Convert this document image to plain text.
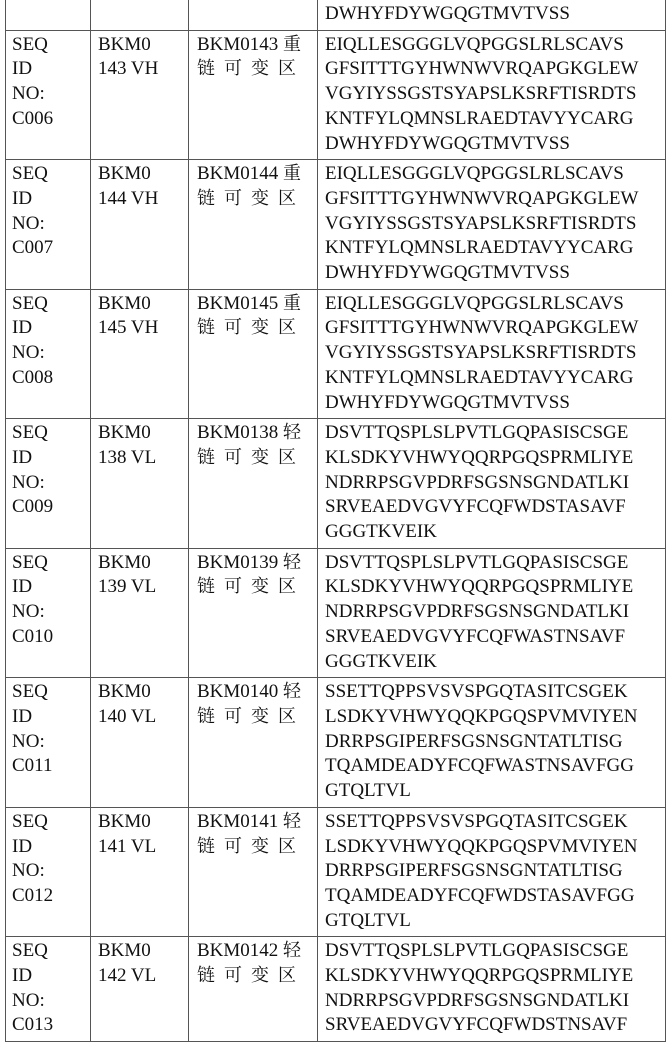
DWHYFDYWGQGTMVTVSS

SEQ ID NO: C006

BKM0143 VH

BKM0143 重链可变区

EIQLLESGGGLVQPGGSLRLSCAVS
GFSITTTGYHWNWVRQAPGKGLEW
VGYIYSSGSTSYAPSLKSRFTISRDTS
KNTFYLQMNSLRAEDTAVYYCARG
DWHYFDYWGQGTMVTVSS

SEQ ID NO: C007

BKM0144 VH

BKM0144 重链可变区

EIQLLESGGGLVQPGGSLRLSCAVS
GFSITTTGYHWNWVRQAPGKGLEW
VGYIYSSGSTSYAPSLKSRFTISRDTS
KNTFYLQMNSLRAEDTAVYYCARG
DWHYFDYWGQGTMVTVSS

SEQ ID NO: C008

BKM0145 VH

BKM0145 重链可变区

EIQLLESGGGLVQPGGSLRLSCAVS
GFSITTTGYHWNWVRQAPGKGLEW
VGYIYSSGSTSYAPSLKSRFTISRDTS
KNTFYLQMNSLRAEDTAVYYCARG
DWHYFDYWGQGTMVTVSS

SEQ ID NO: C009

BKM0138 VL

BKM0138 轻链可变区

DSVTTQSPLSLPVTLGQPASISCSGE
KLSDKYVHWYQQRPGQSPRMLIYE
NDRRPSGVPDRFSGSNSGNDATLKI
SRVEAEDVGVYFCQFWDSTASAVF
GGGTKVEIK

SEQ ID NO: C010

BKM0139 VL

BKM0139 轻链可变区

DSVTTQSPLSLPVTLGQPASISCSGE
KLSDKYVHWYQQRPGQSPRMLIYE
NDRRPSGVPDRFSGSNSGNDATLKI
SRVEAEDVGVYFCQFWASTNSAVF
GGGTKVEIK

SEQ ID NO: C011

BKM0140 VL

BKM0140 轻链可变区

SSETTQPPSVSVSPGQTASITCSGEK
LSDKYVHWYQQKPGQSPVMVIYEN
DRRPSGIPERFSGSNSGNTATLTISG
TQAMDEADYFCQFWASTNSAVFGG
GTQLTVL

SEQ ID NO: C012

BKM0141 VL

BKM0141 轻链可变区

SSETTQPPSVSVSPGQTASITCSGEK
LSDKYVHWYQQKPGQSPVMVIYEN
DRRPSGIPERFSGSNSGNTATLTISG
TQAMDEADYFCQFWDSTASAVFGG
GTQLTVL

SEQ ID NO: C013

BKM0142 VL

BKM0142 轻链可变区

DSVTTQSPLSLPVTLGQPASISCSGE
KLSDKYVHWYQQRPGQSPRMLIYE
NDRRPSGVPDRFSGSNSGNDATLKI
SRVEAEDVGVYFCQFWDSTNSAVF
